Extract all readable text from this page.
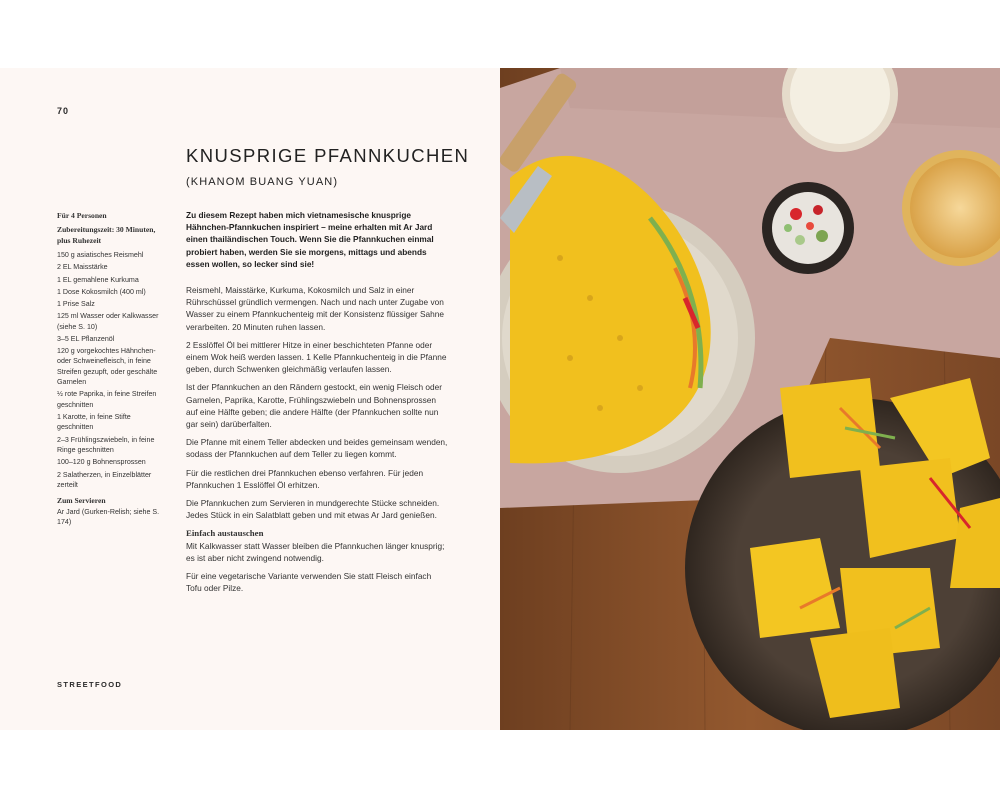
70
KNUSPRIGE PFANNKUCHEN
(KHANOM BUANG YUAN)
Für 4 Personen
Zubereitungszeit: 30 Minuten, plus Ruhezeit
150 g asiatisches Reismehl
2 EL Maisstärke
1 EL gemahlene Kurkuma
1 Dose Kokosmilch (400 ml)
1 Prise Salz
125 ml Wasser oder Kalkwasser (siehe S. 10)
3–5 EL Pflanzenöl
120 g vorgekochtes Hähnchen- oder Schweinefleisch, in feine Streifen gezupft, oder geschälte Garnelen
½ rote Paprika, in feine Streifen geschnitten
1 Karotte, in feine Stifte geschnitten
2–3 Frühlingszwiebeln, in feine Ringe geschnitten
100–120 g Bohnensprossen
2 Salatherzen, in Einzelblätter zerteilt
Zum Servieren
Ar Jard (Gurken-Relish; siehe S. 174)

Zu diesem Rezept haben mich vietnamesische knusprige Hähnchen-Pfannkuchen inspiriert – meine erhalten mit Ar Jard einen thailändischen Touch. Wenn Sie die Pfannkuchen einmal probiert haben, werden Sie sie morgens, mittags und abends essen wollen, so lecker sind sie!

Reismehl, Maisstärke, Kurkuma, Kokosmilch und Salz in einer Rührschüssel gründlich vermengen. Nach und nach unter Zugabe von Wasser zu einem Pfannkuchenteig mit der Konsistenz flüssiger Sahne verarbeiten. 20 Minuten ruhen lassen.

2 Esslöffel Öl bei mittlerer Hitze in einer beschichteten Pfanne oder einem Wok heiß werden lassen. 1 Kelle Pfannkuchenteig in die Pfanne geben, durch Schwenken gleichmäßig verlaufen lassen.

Ist der Pfannkuchen an den Rändern gestockt, ein wenig Fleisch oder Garnelen, Paprika, Karotte, Frühlingszwiebeln und Bohnensprossen auf eine Hälfte geben; die andere Hälfte (der Pfannkuchen sollte nun gar sein) darüberfalten.

Die Pfanne mit einem Teller abdecken und beides gemeinsam wenden, sodass der Pfannkuchen auf dem Teller zu liegen kommt.

Für die restlichen drei Pfannkuchen ebenso verfahren. Für jeden Pfannkuchen 1 Esslöffel Öl erhitzen.

Die Pfannkuchen zum Servieren in mundgerechte Stücke schneiden. Jedes Stück in ein Salatblatt geben und mit etwas Ar Jard genießen.

Einfach austauschen

Mit Kalkwasser statt Wasser bleiben die Pfannkuchen länger knusprig; es ist aber nicht zwingend notwendig.

Für eine vegetarische Variante verwenden Sie statt Fleisch einfach Tofu oder Pilze.

STREETFOOD
